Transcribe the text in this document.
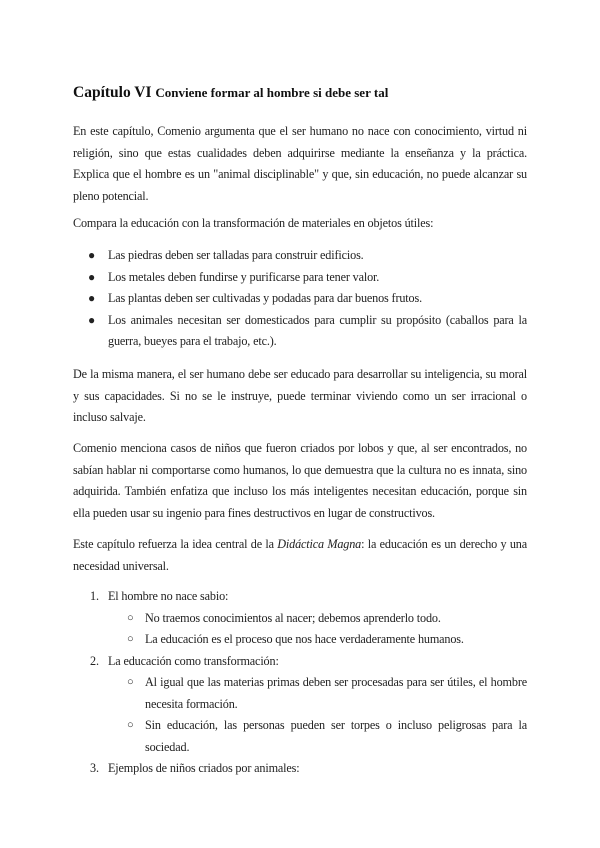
Capítulo VI Conviene formar al hombre si debe ser tal
En este capítulo, Comenio argumenta que el ser humano no nace con conocimiento, virtud ni religión, sino que estas cualidades deben adquirirse mediante la enseñanza y la práctica. Explica que el hombre es un "animal disciplinable" y que, sin educación, no puede alcanzar su pleno potencial.
Compara la educación con la transformación de materiales en objetos útiles:
● Las piedras deben ser talladas para construir edificios.
● Los metales deben fundirse y purificarse para tener valor.
● Las plantas deben ser cultivadas y podadas para dar buenos frutos.
● Los animales necesitan ser domesticados para cumplir su propósito (caballos para la guerra, bueyes para el trabajo, etc.).
De la misma manera, el ser humano debe ser educado para desarrollar su inteligencia, su moral y sus capacidades. Si no se le instruye, puede terminar viviendo como un ser irracional o incluso salvaje.
Comenio menciona casos de niños que fueron criados por lobos y que, al ser encontrados, no sabían hablar ni comportarse como humanos, lo que demuestra que la cultura no es innata, sino adquirida. También enfatiza que incluso los más inteligentes necesitan educación, porque sin ella pueden usar su ingenio para fines destructivos en lugar de constructivos.
Este capítulo refuerza la idea central de la Didáctica Magna: la educación es un derecho y una necesidad universal.
1. El hombre no nace sabio:
○ No traemos conocimientos al nacer; debemos aprenderlo todo.
○ La educación es el proceso que nos hace verdaderamente humanos.
2. La educación como transformación:
○ Al igual que las materias primas deben ser procesadas para ser útiles, el hombre necesita formación.
○ Sin educación, las personas pueden ser torpes o incluso peligrosas para la sociedad.
3. Ejemplos de niños criados por animales:
